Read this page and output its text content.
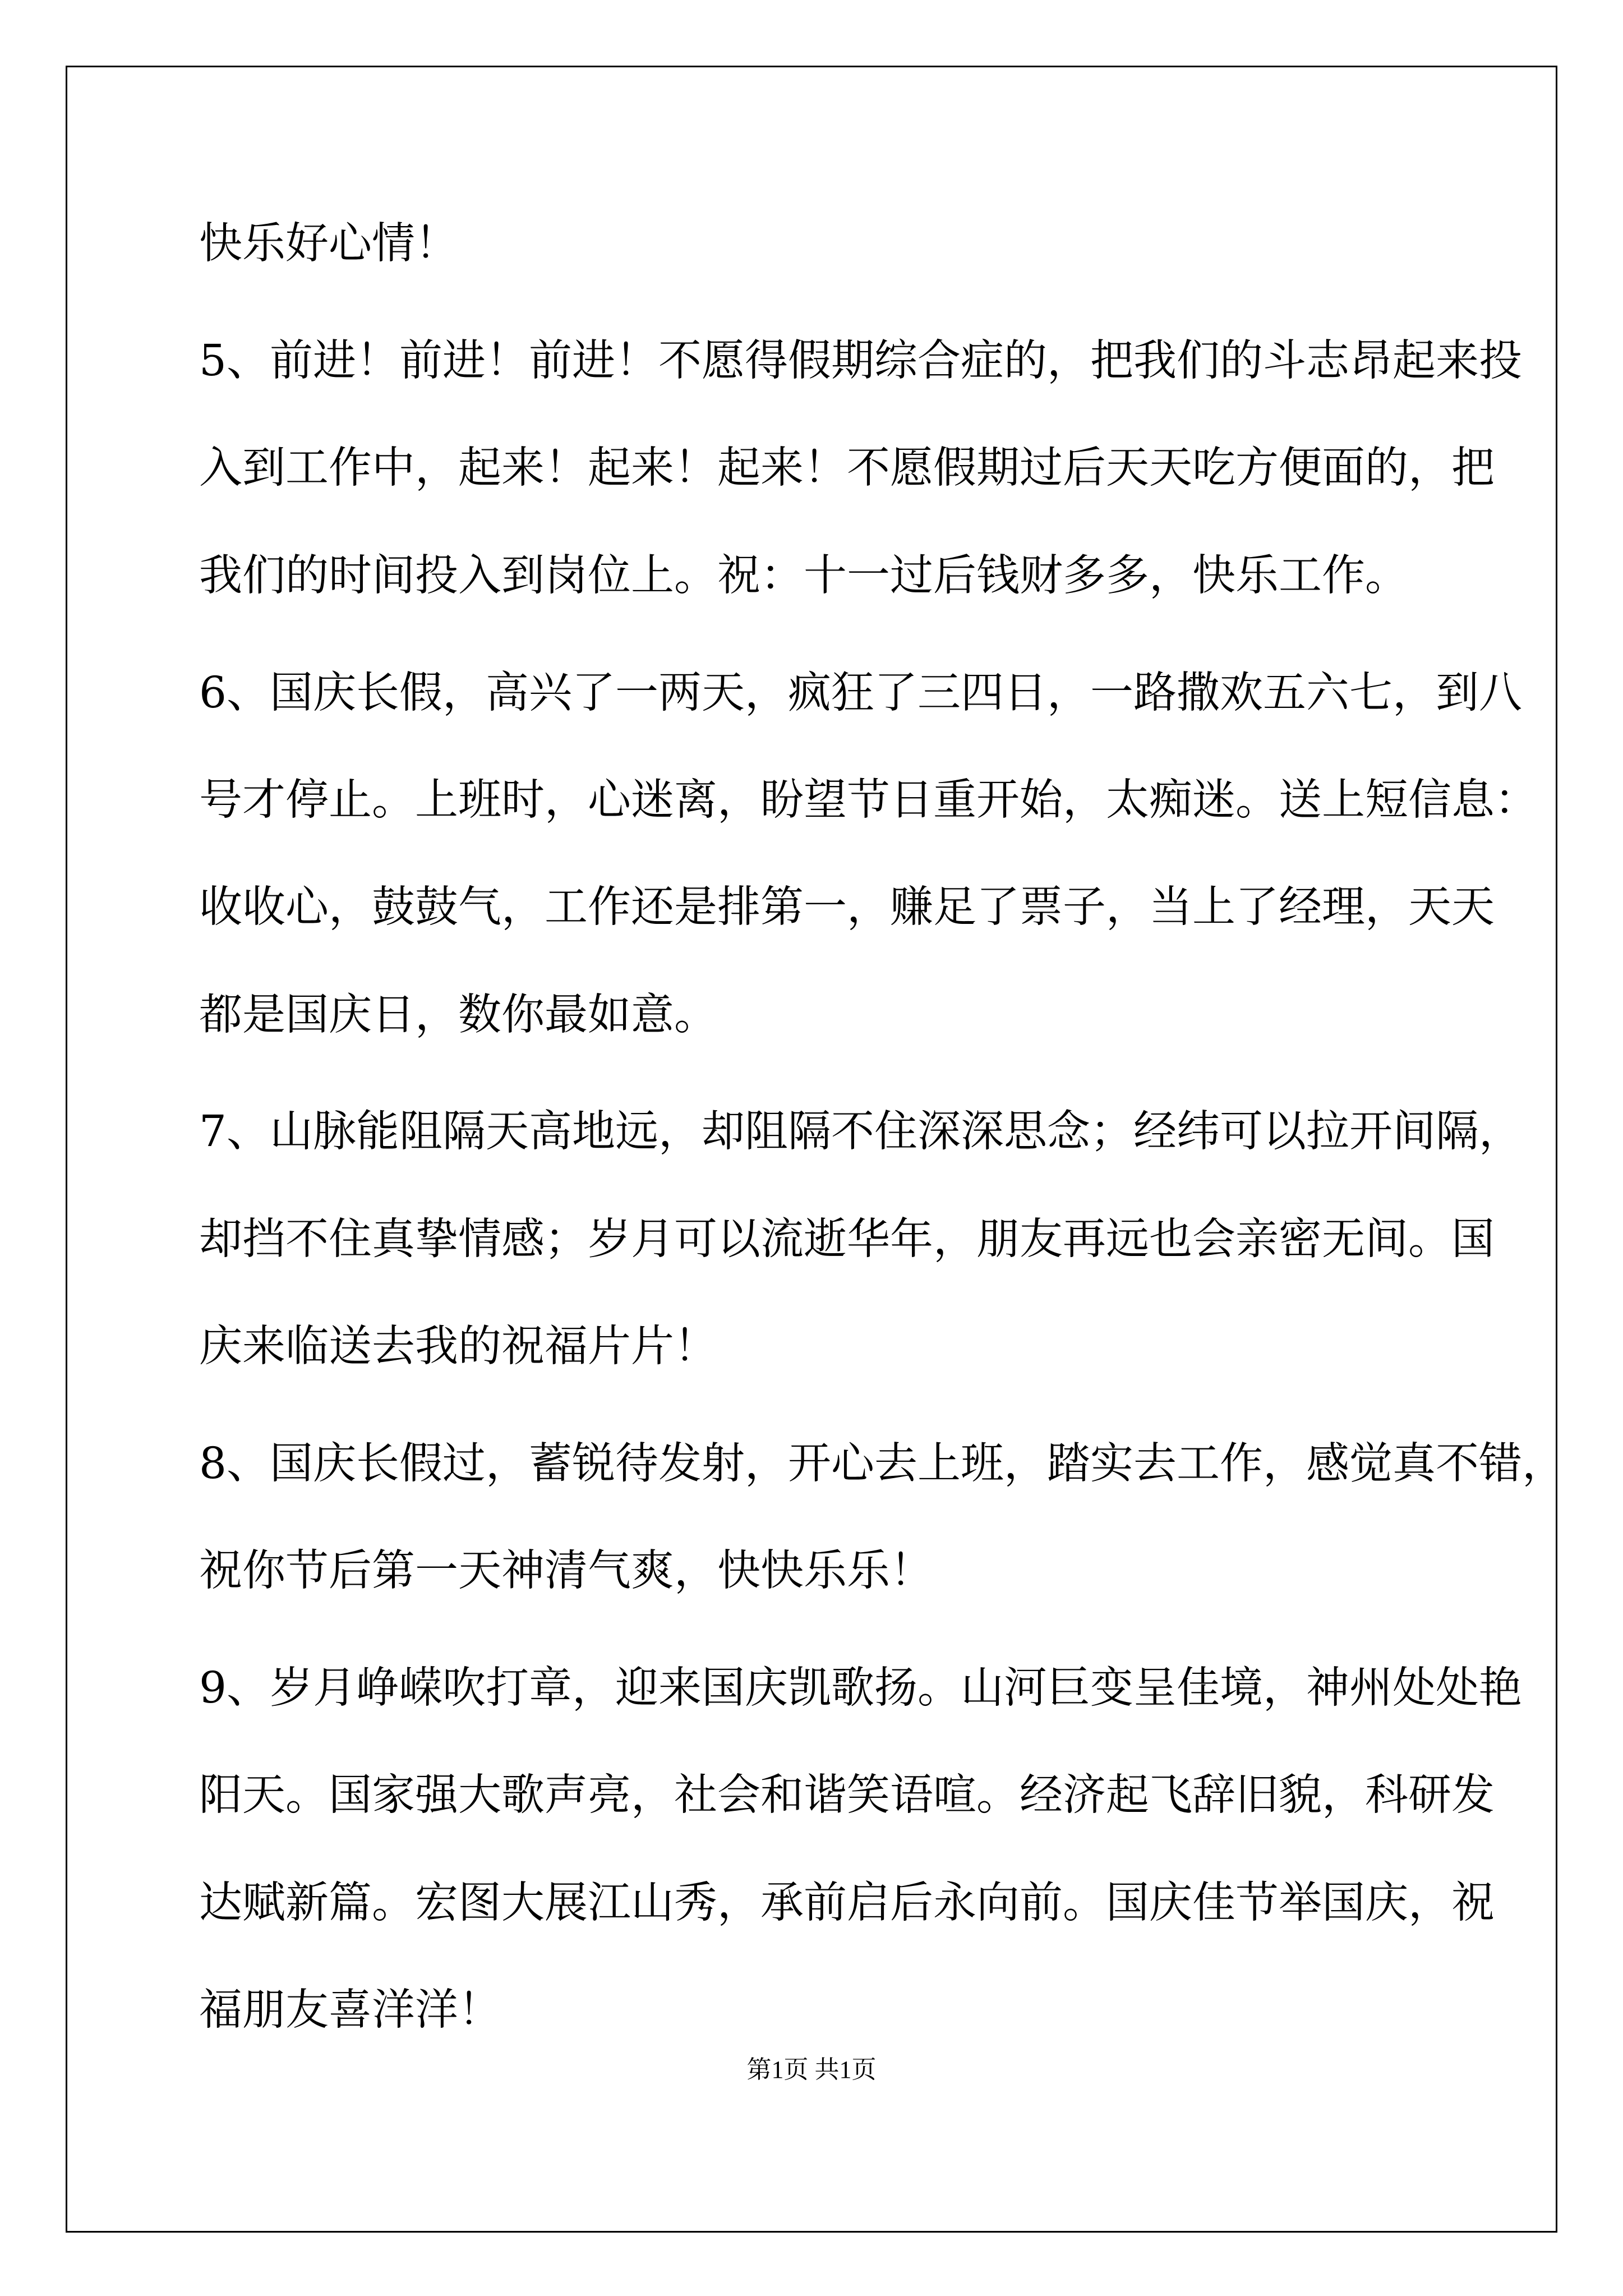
快乐好心情！
5、前进！前进！前进！不愿得假期综合症的，把我们的斗志昂起来投
入到工作中，起来！起来！起来！不愿假期过后天天吃方便面的，把
我们的时间投入到岗位上。祝：十一过后钱财多多，快乐工作。
6、国庆长假，高兴了一两天，疯狂了三四日，一路撒欢五六七，到八
号才停止。上班时，心迷离，盼望节日重开始，太痴迷。送上短信息：
收收心，鼓鼓气，工作还是排第一，赚足了票子，当上了经理，天天
都是国庆日，数你最如意。
7、山脉能阻隔天高地远，却阻隔不住深深思念；经纬可以拉开间隔，
却挡不住真挚情感；岁月可以流逝华年，朋友再远也会亲密无间。国
庆来临送去我的祝福片片！
8、国庆长假过，蓄锐待发射，开心去上班，踏实去工作，感觉真不错，
祝你节后第一天神清气爽，快快乐乐！
9、岁月峥嵘吹打章，迎来国庆凯歌扬。山河巨变呈佳境，神州处处艳
阳天。国家强大歌声亮，社会和谐笑语喧。经济起飞辞旧貌，科研发
达赋新篇。宏图大展江山秀，承前启后永向前。国庆佳节举国庆，祝
福朋友喜洋洋！
第1页 共1页
